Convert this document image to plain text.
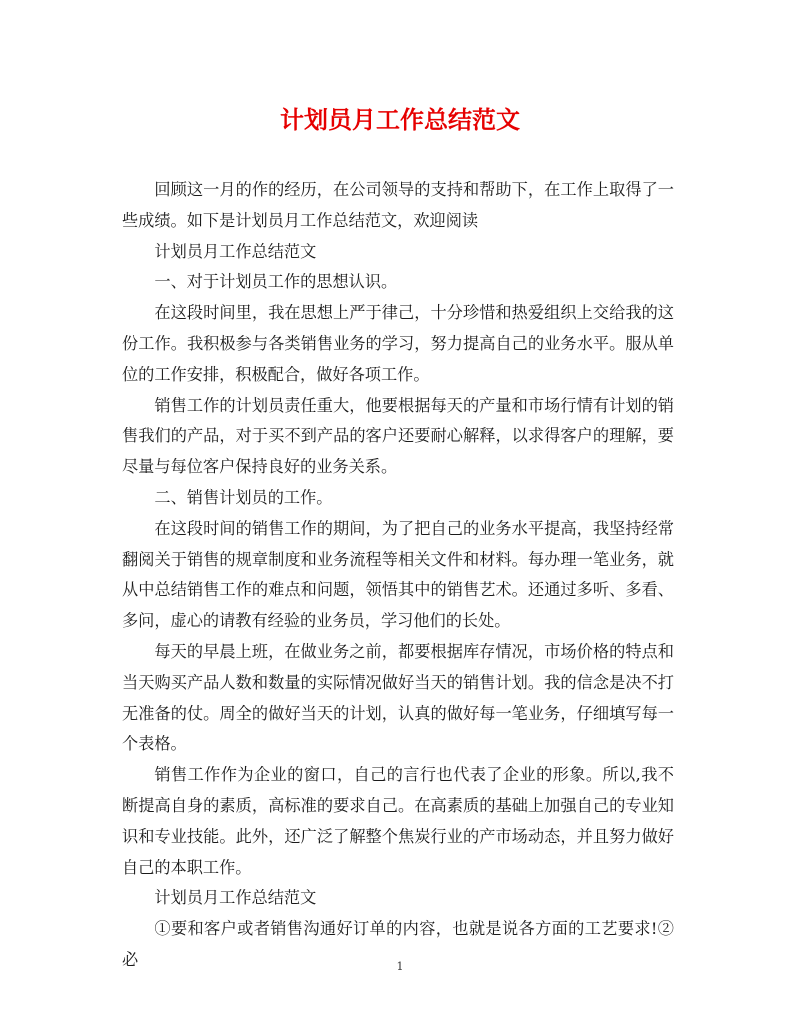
计划员月工作总结范文

回顾这一月的作的经历，在公司领导的支持和帮助下，在工作上取得了一些成绩。如下是计划员月工作总结范文，欢迎阅读

计划员月工作总结范文

一、对于计划员工作的思想认识。

在这段时间里，我在思想上严于律己，十分珍惜和热爱组织上交给我的这份工作。我积极参与各类销售业务的学习，努力提高自己的业务水平。服从单位的工作安排，积极配合，做好各项工作。

销售工作的计划员责任重大，他要根据每天的产量和市场行情有计划的销售我们的产品，对于买不到产品的客户还要耐心解释，以求得客户的理解，要尽量与每位客户保持良好的业务关系。

二、销售计划员的工作。

在这段时间的销售工作的期间，为了把自己的业务水平提高，我坚持经常翻阅关于销售的规章制度和业务流程等相关文件和材料。每办理一笔业务，就从中总结销售工作的难点和问题，领悟其中的销售艺术。还通过多听、多看、多问，虚心的请教有经验的业务员，学习他们的长处。

每天的早晨上班，在做业务之前，都要根据库存情况，市场价格的特点和当天购买产品人数和数量的实际情况做好当天的销售计划。我的信念是决不打无准备的仗。周全的做好当天的计划，认真的做好每一笔业务，仔细填写每一个表格。

销售工作作为企业的窗口，自己的言行也代表了企业的形象。所以,我不断提高自身的素质，高标准的要求自己。在高素质的基础上加强自己的专业知识和专业技能。此外，还广泛了解整个焦炭行业的产市场动态，并且努力做好自己的本职工作。

计划员月工作总结范文

①要和客户或者销售沟通好订单的内容，也就是说各方面的工艺要求!②必	1
